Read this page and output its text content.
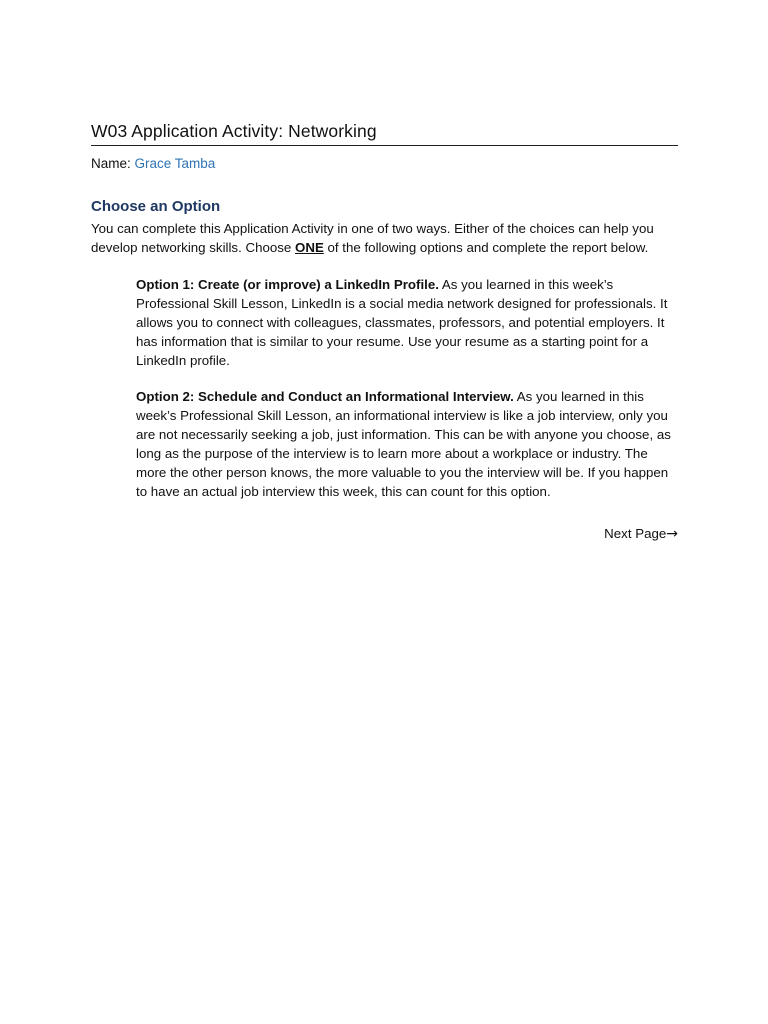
W03 Application Activity: Networking
Name: Grace Tamba
Choose an Option

You can complete this Application Activity in one of two ways. Either of the choices can help you develop networking skills. Choose ONE of the following options and complete the report below.

Option 1: Create (or improve) a LinkedIn Profile. As you learned in this week’s Professional Skill Lesson, LinkedIn is a social media network designed for professionals. It allows you to connect with colleagues, classmates, professors, and potential employers. It has information that is similar to your resume. Use your resume as a starting point for a LinkedIn profile.

Option 2: Schedule and Conduct an Informational Interview. As you learned in this week’s Professional Skill Lesson, an informational interview is like a job interview, only you are not necessarily seeking a job, just information. This can be with anyone you choose, as long as the purpose of the interview is to learn more about a workplace or industry. The more the other person knows, the more valuable to you the interview will be. If you happen to have an actual job interview this week, this can count for this option.

Next Page→
